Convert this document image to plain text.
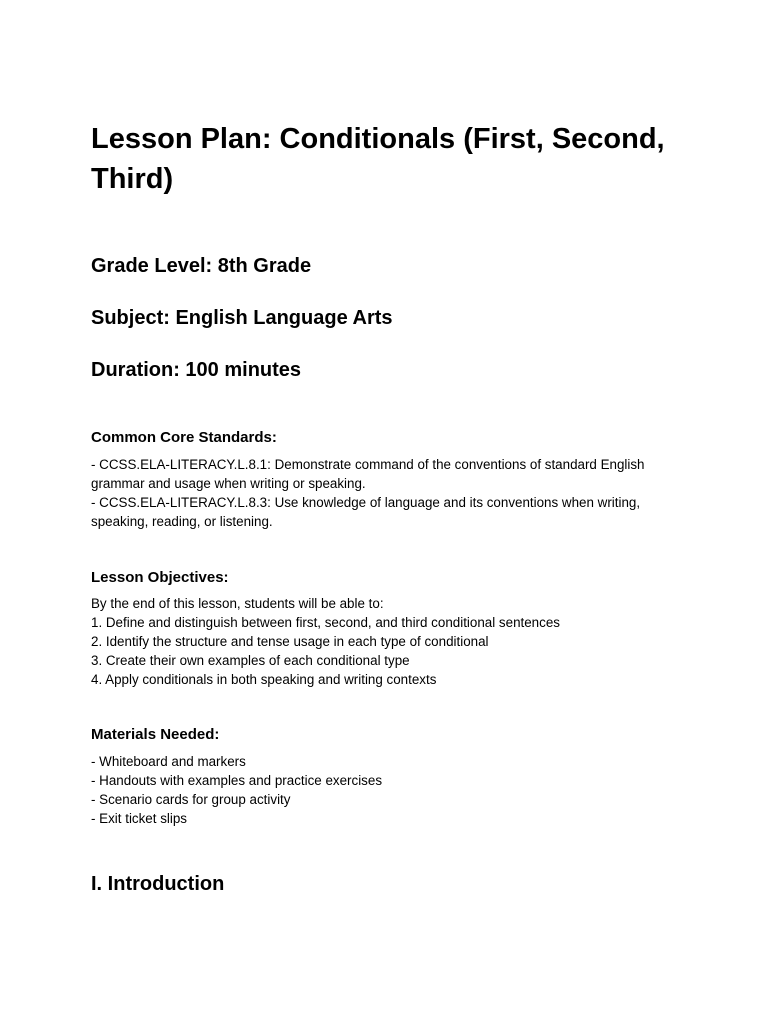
Lesson Plan: Conditionals (First, Second, Third)
Grade Level: 8th Grade
Subject: English Language Arts
Duration: 100 minutes
Common Core Standards:
- CCSS.ELA-LITERACY.L.8.1: Demonstrate command of the conventions of standard English
grammar and usage when writing or speaking.
- CCSS.ELA-LITERACY.L.8.3: Use knowledge of language and its conventions when writing,
speaking, reading, or listening.
Lesson Objectives:
By the end of this lesson, students will be able to:
1. Define and distinguish between first, second, and third conditional sentences
2. Identify the structure and tense usage in each type of conditional
3. Create their own examples of each conditional type
4. Apply conditionals in both speaking and writing contexts
Materials Needed:
- Whiteboard and markers
- Handouts with examples and practice exercises
- Scenario cards for group activity
- Exit ticket slips
I. Introduction
